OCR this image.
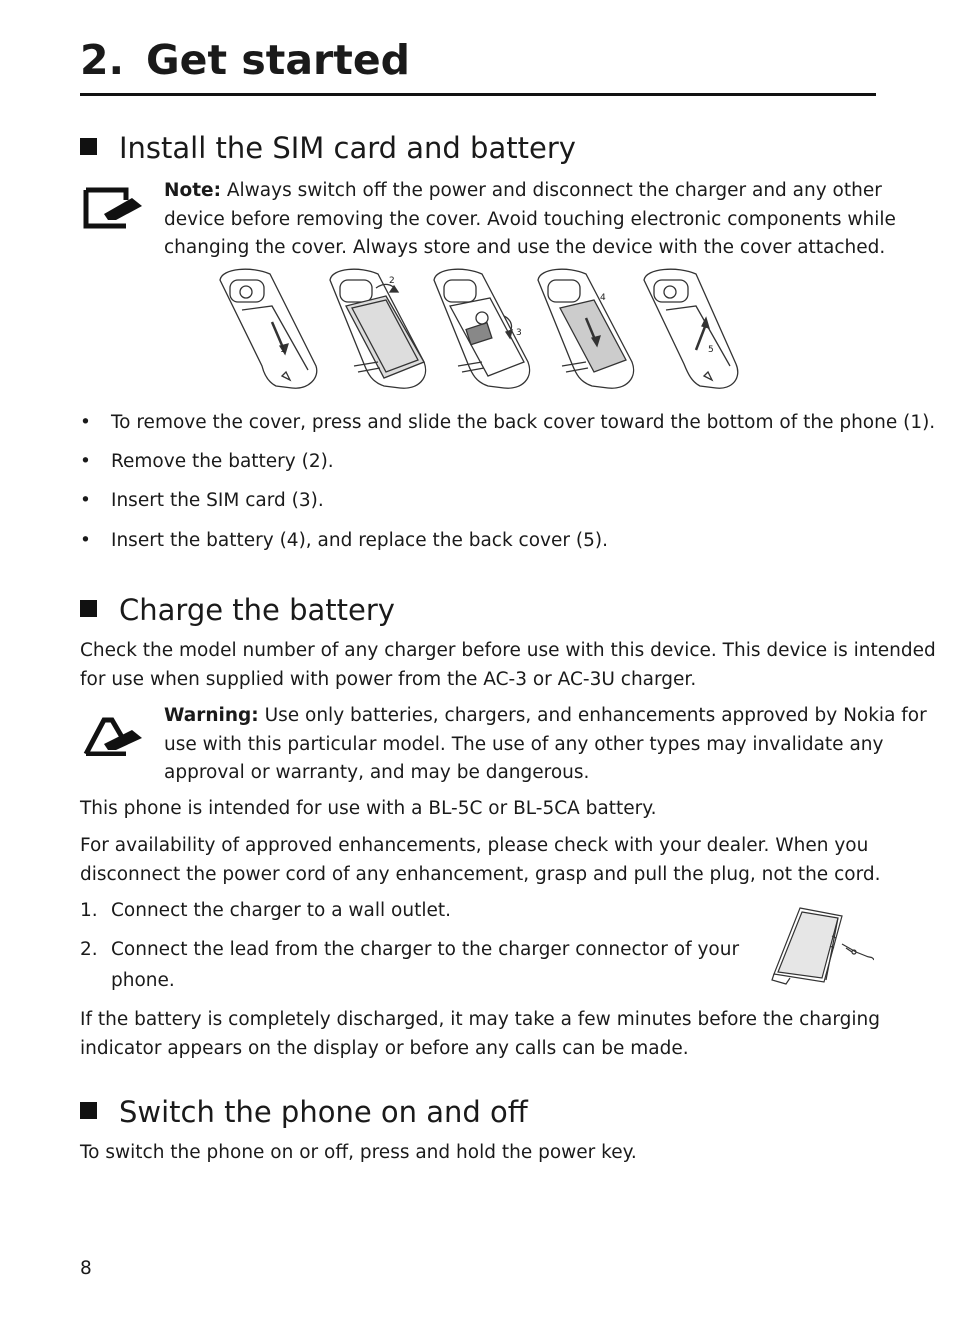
2. Get started
Install the SIM card and battery
Note: Always switch off the power and disconnect the charger and any other
device before removing the cover. Avoid touching electronic components while
changing the cover. Always store and use the device with the cover attached.
1
2
3
4
5
• To remove the cover, press and slide the back cover toward the bottom of the phone (1).
• Remove the battery (2).
• Insert the SIM card (3).
• Insert the battery (4), and replace the back cover (5).
Charge the battery
Check the model number of any charger before use with this device. This device is intended
for use when supplied with power from the AC-3 or AC-3U charger.
Warning: Use only batteries, chargers, and enhancements approved by Nokia for
use with this particular model. The use of any other types may invalidate any
approval or warranty, and may be dangerous.
This phone is intended for use with a BL-5C or BL-5CA battery.
For availability of approved enhancements, please check with your dealer. When you
disconnect the power cord of any enhancement, grasp and pull the plug, not the cord.
1. Connect the charger to a wall outlet.
2. Connect the lead from the charger to the charger connector of your
phone.
If the battery is completely discharged, it may take a few minutes before the charging
indicator appears on the display or before any calls can be made.
Switch the phone on and off
To switch the phone on or off, press and hold the power key.
8
